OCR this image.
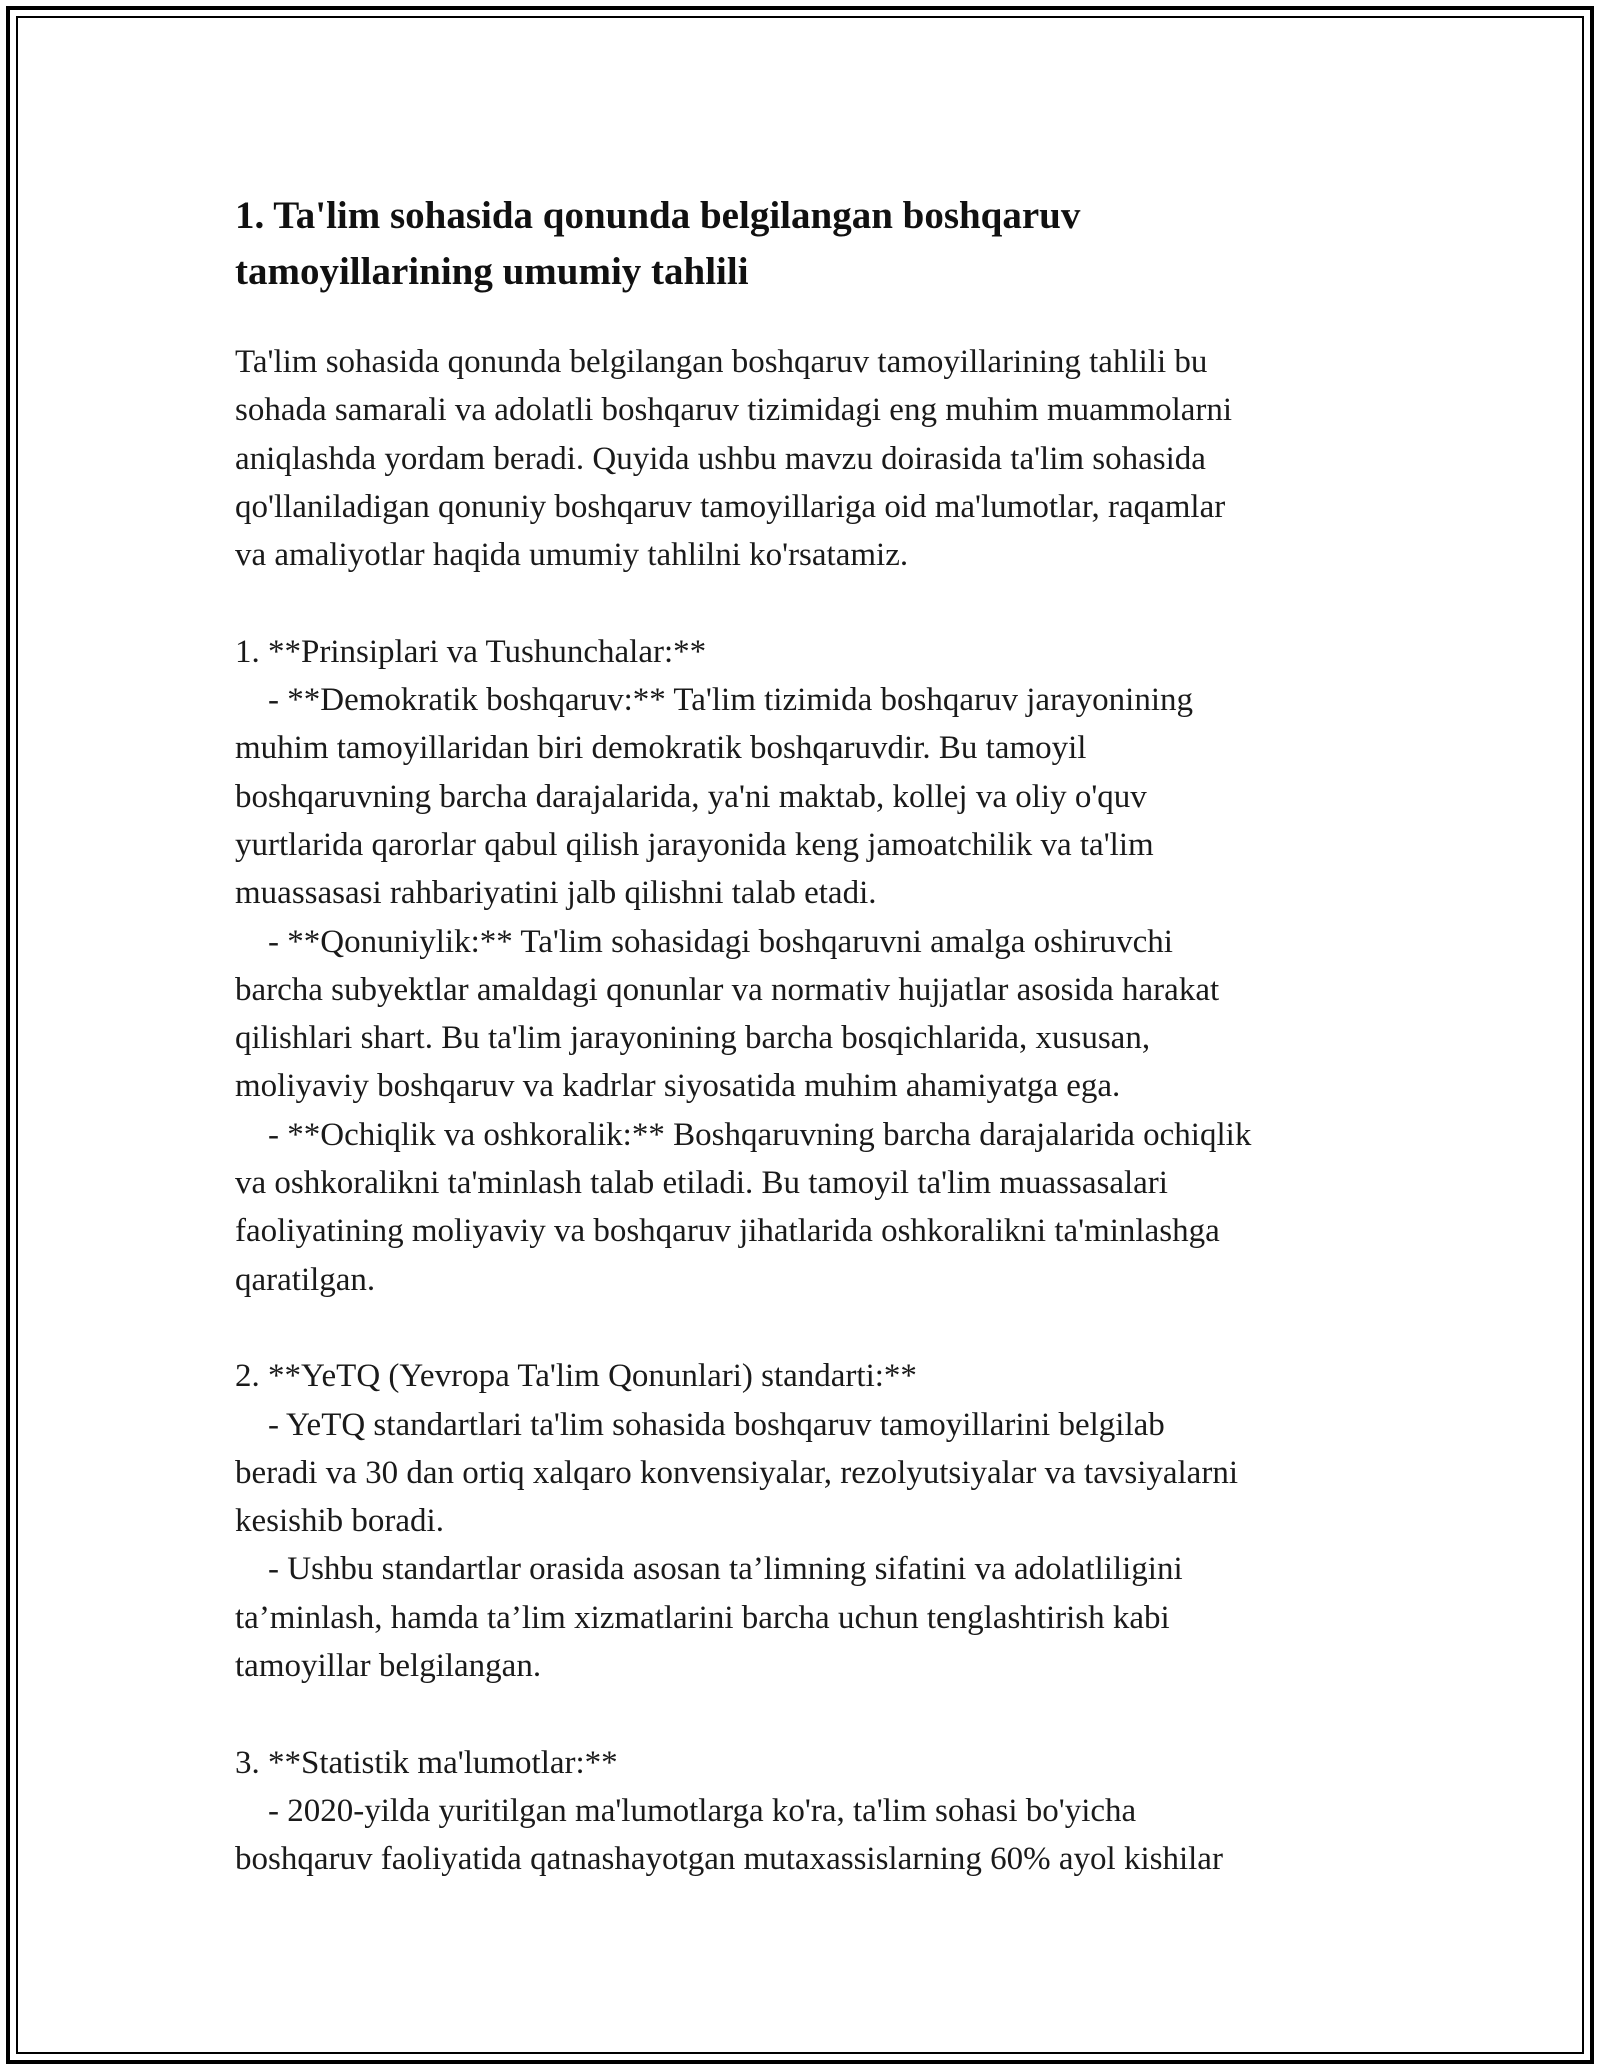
1. Ta'lim sohasida qonunda belgilangan boshqaruv
tamoyillarining umumiy tahlili

Ta'lim sohasida qonunda belgilangan boshqaruv tamoyillarining tahlili bu
sohada samarali va adolatli boshqaruv tizimidagi eng muhim muammolarni
aniqlashda yordam beradi. Quyida ushbu mavzu doirasida ta'lim sohasida
qo'llaniladigan qonuniy boshqaruv tamoyillariga oid ma'lumotlar, raqamlar
va amaliyotlar haqida umumiy tahlilni ko'rsatamiz.

1. **Prinsiplari va Tushunchalar:**
- **Demokratik boshqaruv:** Ta'lim tizimida boshqaruv jarayonining
muhim tamoyillaridan biri demokratik boshqaruvdir. Bu tamoyil
boshqaruvning barcha darajalarida, ya'ni maktab, kollej va oliy o'quv
yurtlarida qarorlar qabul qilish jarayonida keng jamoatchilik va ta'lim
muassasasi rahbariyatini jalb qilishni talab etadi.
- **Qonuniylik:** Ta'lim sohasidagi boshqaruvni amalga oshiruvchi
barcha subyektlar amaldagi qonunlar va normativ hujjatlar asosida harakat
qilishlari shart. Bu ta'lim jarayonining barcha bosqichlarida, xususan,
moliyaviy boshqaruv va kadrlar siyosatida muhim ahamiyatga ega.
- **Ochiqlik va oshkoralik:** Boshqaruvning barcha darajalarida ochiqlik
va oshkoralikni ta'minlash talab etiladi. Bu tamoyil ta'lim muassasalari
faoliyatining moliyaviy va boshqaruv jihatlarida oshkoralikni ta'minlashga
qaratilgan.

2. **YeTQ (Yevropa Ta'lim Qonunlari) standarti:**
- YeTQ standartlari ta'lim sohasida boshqaruv tamoyillarini belgilab
beradi va 30 dan ortiq xalqaro konvensiyalar, rezolyutsiyalar va tavsiyalarni
kesishib boradi.
- Ushbu standartlar orasida asosan ta’limning sifatini va adolatliligini
ta’minlash, hamda ta’lim xizmatlarini barcha uchun tenglashtirish kabi
tamoyillar belgilangan.

3. **Statistik ma'lumotlar:**
- 2020-yilda yuritilgan ma'lumotlarga ko'ra, ta'lim sohasi bo'yicha
boshqaruv faoliyatida qatnashayotgan mutaxassislarning 60% ayol kishilar
